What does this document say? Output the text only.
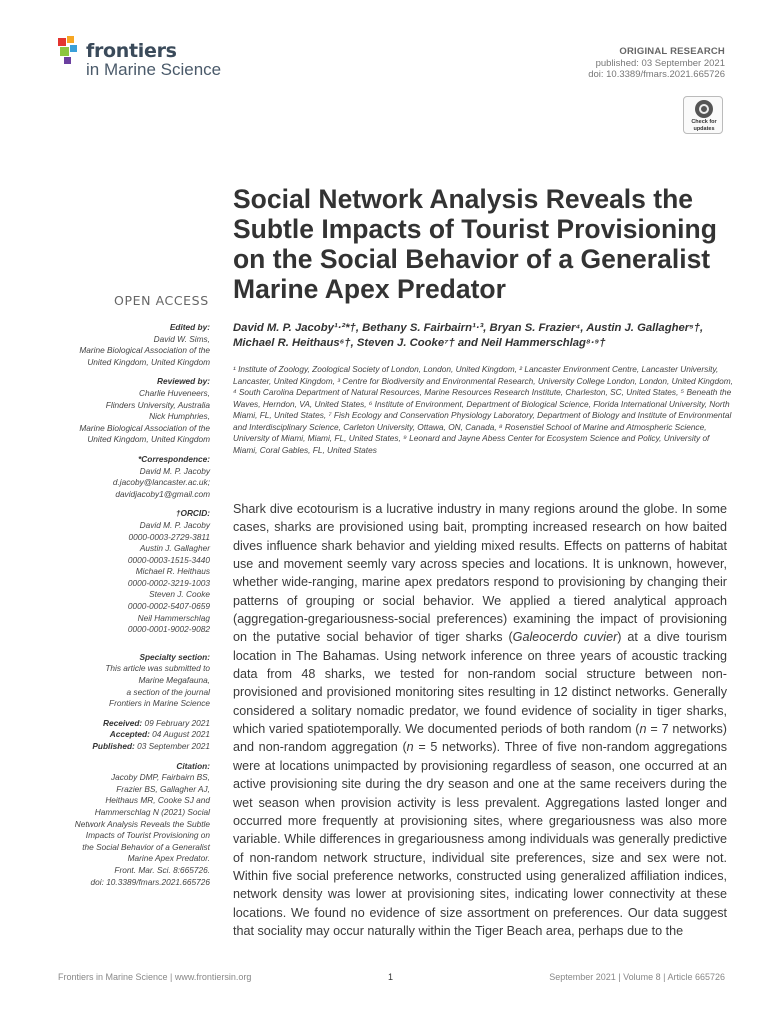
frontiers
in Marine Science
ORIGINAL RESEARCH
published: 03 September 2021
doi: 10.3389/fmars.2021.665726
Check for
updates
Social Network Analysis Reveals the Subtle Impacts of Tourist Provisioning on the Social Behavior of a Generalist Marine Apex Predator
OPEN ACCESS
David M. P. Jacoby¹·²*†, Bethany S. Fairbairn¹·³, Bryan S. Frazier⁴, Austin J. Gallagher⁵†, Michael R. Heithaus⁶†, Steven J. Cooke⁷† and Neil Hammerschlag⁸·⁹†
¹ Institute of Zoology, Zoological Society of London, London, United Kingdom, ² Lancaster Environment Centre, Lancaster University, Lancaster, United Kingdom, ³ Centre for Biodiversity and Environmental Research, University College London, London, United Kingdom, ⁴ South Carolina Department of Natural Resources, Marine Resources Research Institute, Charleston, SC, United States, ⁵ Beneath the Waves, Herndon, VA, United States, ⁶ Institute of Environment, Department of Biological Science, Florida International University, North Miami, FL, United States, ⁷ Fish Ecology and Conservation Physiology Laboratory, Department of Biology and Institute of Environmental and Interdisciplinary Science, Carleton University, Ottawa, ON, Canada, ⁸ Rosenstiel School of Marine and Atmospheric Science, University of Miami, Miami, FL, United States, ⁹ Leonard and Jayne Abess Center for Ecosystem Science and Policy, University of Miami, Coral Gables, FL, United States
Edited by:
David W. Sims,
Marine Biological Association of the
United Kingdom, United Kingdom
Reviewed by:
Charlie Huveneers,
Flinders University, Australia
Nick Humphries,
Marine Biological Association of the
United Kingdom, United Kingdom
*Correspondence:
David M. P. Jacoby
d.jacoby@lancaster.ac.uk;
davidjacoby1@gmail.com
†ORCID:
David M. P. Jacoby
0000-0003-2729-3811
Austin J. Gallagher
0000-0003-1515-3440
Michael R. Heithaus
0000-0002-3219-1003
Steven J. Cooke
0000-0002-5407-0659
Neil Hammerschlag
0000-0001-9002-9082
Specialty section:
This article was submitted to
Marine Megafauna,
a section of the journal
Frontiers in Marine Science
Received: 09 February 2021
Accepted: 04 August 2021
Published: 03 September 2021
Citation:
Jacoby DMP, Fairbairn BS,
Frazier BS, Gallagher AJ,
Heithaus MR, Cooke SJ and
Hammerschlag N (2021) Social
Network Analysis Reveals the Subtle
Impacts of Tourist Provisioning on
the Social Behavior of a Generalist
Marine Apex Predator.
Front. Mar. Sci. 8:665726.
doi: 10.3389/fmars.2021.665726
Shark dive ecotourism is a lucrative industry in many regions around the globe. In some cases, sharks are provisioned using bait, prompting increased research on how baited dives influence shark behavior and yielding mixed results. Effects on patterns of habitat use and movement seemly vary across species and locations. It is unknown, however, whether wide-ranging, marine apex predators respond to provisioning by changing their patterns of grouping or social behavior. We applied a tiered analytical approach (aggregation-gregariousness-social preferences) examining the impact of provisioning on the putative social behavior of tiger sharks (Galeocerdo cuvier) at a dive tourism location in The Bahamas. Using network inference on three years of acoustic tracking data from 48 sharks, we tested for non-random social structure between non-provisioned and provisioned monitoring sites resulting in 12 distinct networks. Generally considered a solitary nomadic predator, we found evidence of sociality in tiger sharks, which varied spatiotemporally. We documented periods of both random (n = 7 networks) and non-random aggregation (n = 5 networks). Three of five non-random aggregations were at locations unimpacted by provisioning regardless of season, one occurred at an active provisioning site during the dry season and one at the same receivers during the wet season when provision activity is less prevalent. Aggregations lasted longer and occurred more frequently at provisioning sites, where gregariousness was also more variable. While differences in gregariousness among individuals was generally predictive of non-random network structure, individual site preferences, size and sex were not. Within five social preference networks, constructed using generalized affiliation indices, network density was lower at provisioning sites, indicating lower connectivity at these locations. We found no evidence of size assortment on preferences. Our data suggest that sociality may occur naturally within the Tiger Beach area, perhaps due to the
Frontiers in Marine Science | www.frontiersin.org	1	September 2021 | Volume 8 | Article 665726
